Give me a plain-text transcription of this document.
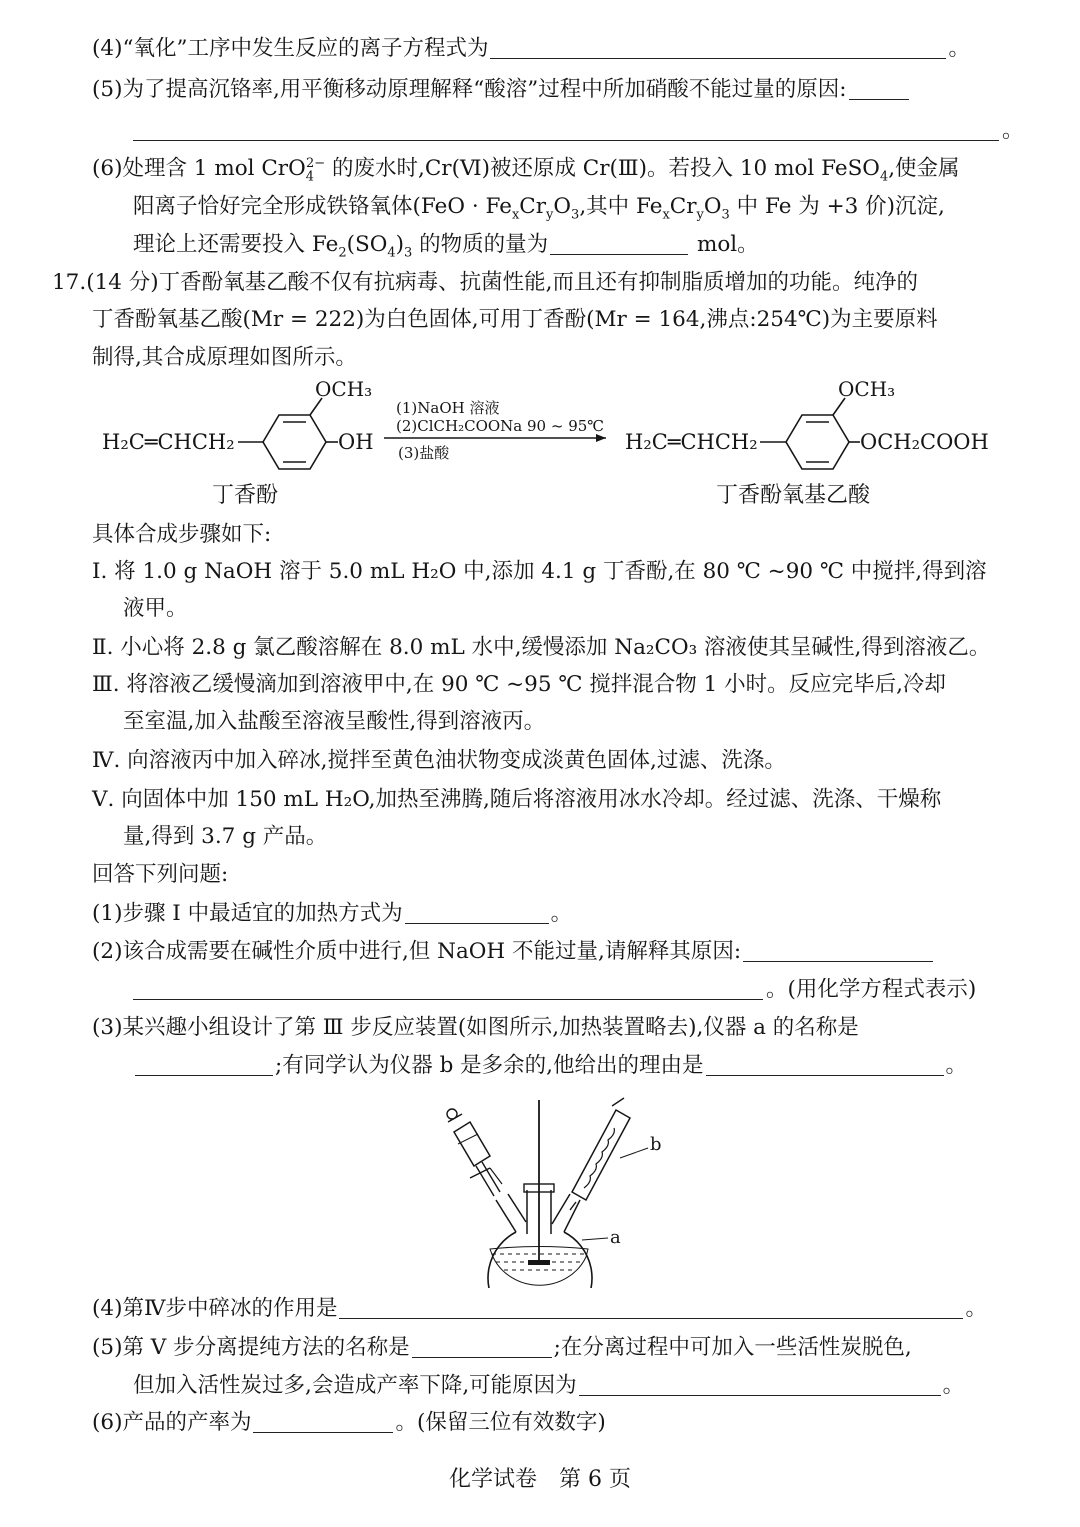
(4)“氧化”工序中发生反应的离子方程式为	。
(5)为了提高沉铬率,用平衡移动原理解释“酸溶”过程中所加硝酸不能过量的原因:
。
(6)处理含 1 mol CrO$_4^{2-}$ 的废水时,Cr(Ⅵ)被还原成 Cr(Ⅲ)。若投入 10 mol FeSO$_4$,使金属
阳离子恰好完全形成铁铬氧体($FeO \cdot Fe_xCr_yO_3$,其中 $Fe_xCr_yO_3$ 中 Fe 为 +3 价)沉淀,
理论上还需要投入 $Fe_2(SO_4)_3$ 的物质的量为	mol。
17.(14 分)丁香酚氧基乙酸不仅有抗病毒、抗菌性能,而且还有抑制脂质增加的功能。纯净的
丁香酚氧基乙酸(Mr = 222)为白色固体,可用丁香酚(Mr = 164,沸点:254℃)为主要原料
制得,其合成原理如图所示。
H₂C═CHCH₂
OCH₃
OH
丁香酚
(1)NaOH 溶液
(2)ClCH₂COONa 90 ~ 95℃
(3)盐酸	H₂C═CHCH₂
OCH₃
OCH₂COOH
丁香酚氧基乙酸
具体合成步骤如下:
Ⅰ. 将 1.0 g NaOH 溶于 5.0 mL H₂O 中,添加 4.1 g 丁香酚,在 80 ℃ ~90 ℃ 中搅拌,得到溶
液甲。
Ⅱ. 小心将 2.8 g 氯乙酸溶解在 8.0 mL 水中,缓慢添加 Na₂CO₃ 溶液使其呈碱性,得到溶液乙。
Ⅲ. 将溶液乙缓慢滴加到溶液甲中,在 90 ℃ ~95 ℃ 搅拌混合物 1 小时。反应完毕后,冷却
至室温,加入盐酸至溶液呈酸性,得到溶液丙。
Ⅳ. 向溶液丙中加入碎冰,搅拌至黄色油状物变成淡黄色固体,过滤、洗涤。
Ⅴ. 向固体中加 150 mL H₂O,加热至沸腾,随后将溶液用冰水冷却。经过滤、洗涤、干燥称
量,得到 3.7 g 产品。
回答下列问题:
(1)步骤 I 中最适宜的加热方式为	。
(2)该合成需要在碱性介质中进行,但 NaOH 不能过量,请解释其原因:
。(用化学方程式表示)
(3)某兴趣小组设计了第 Ⅲ 步反应装置(如图所示,加热装置略去),仪器 a 的名称是
;有同学认为仪器 b 是多余的,他给出的理由是	。
b
a
(4)第Ⅳ步中碎冰的作用是	。
(5)第 V 步分离提纯方法的名称是	;在分离过程中可加入一些活性炭脱色,
但加入活性炭过多,会造成产率下降,可能原因为	。
(6)产品的产率为	。(保留三位有效数字)
化学试卷　第 6 页
